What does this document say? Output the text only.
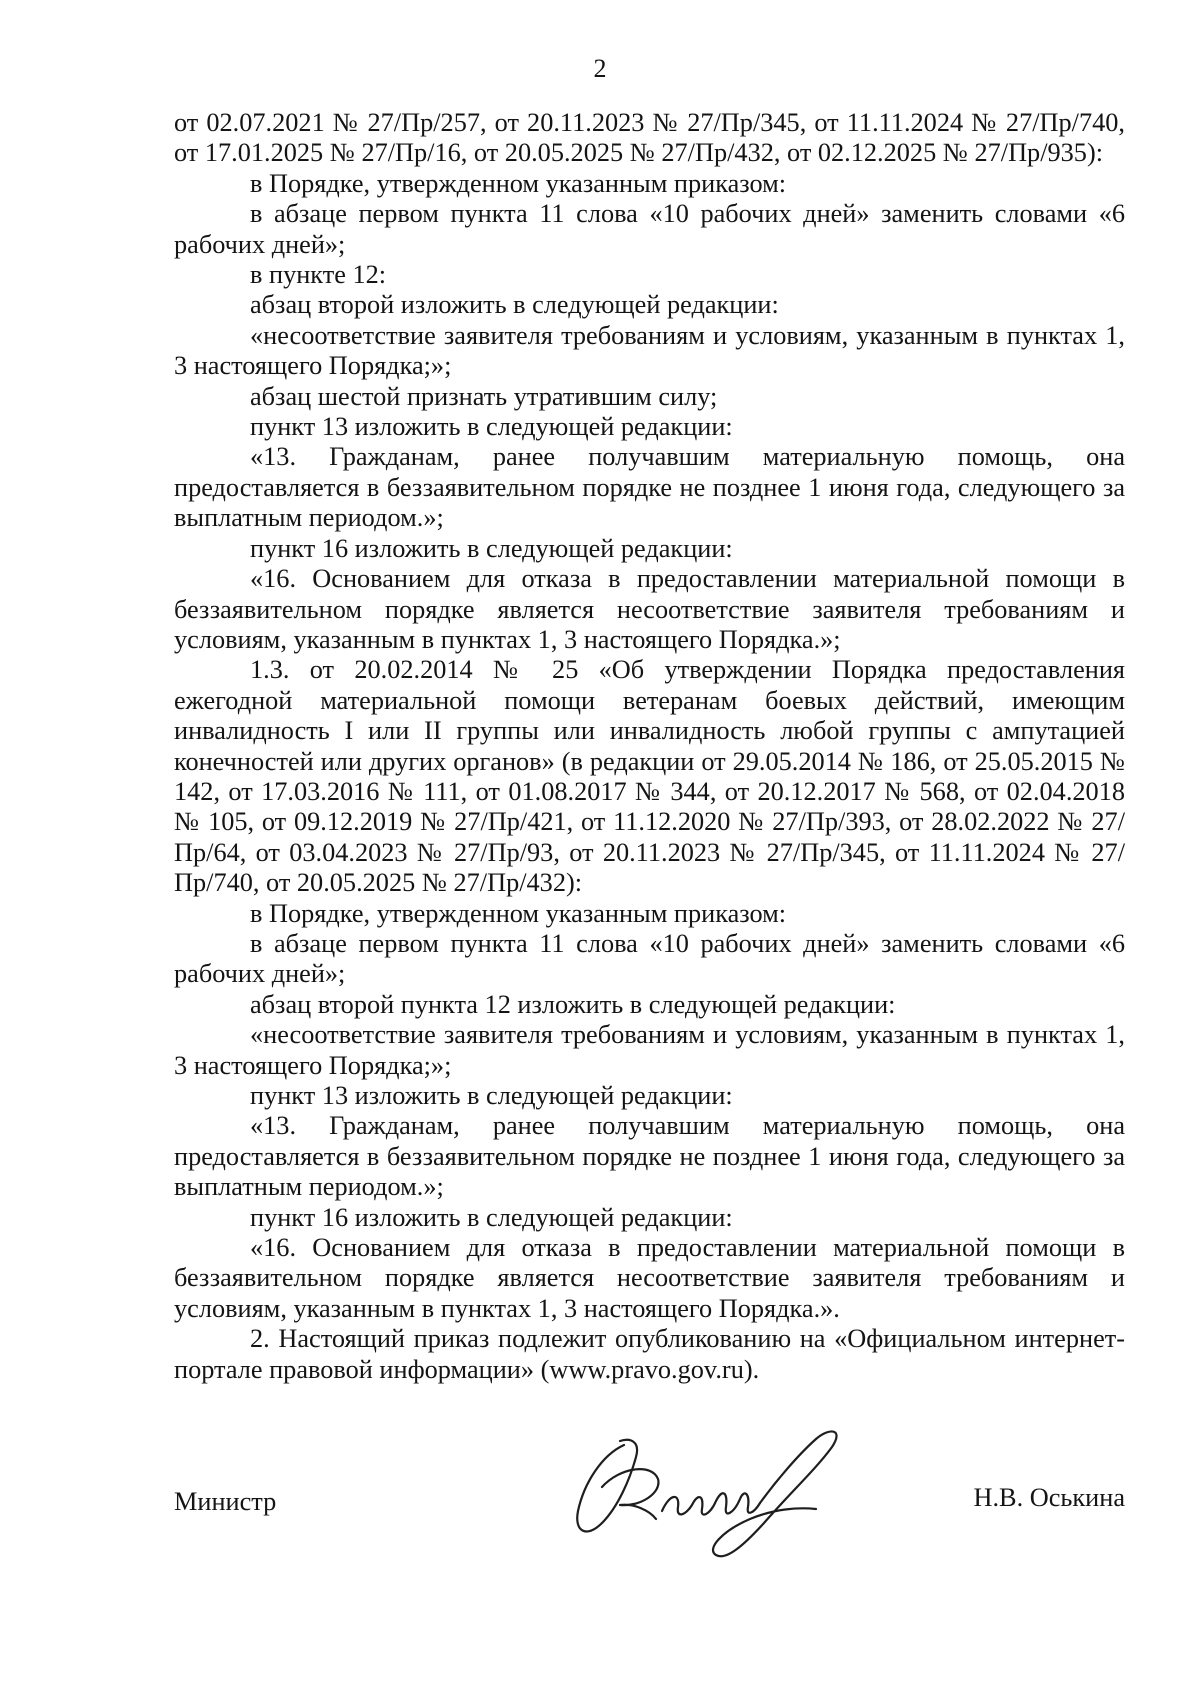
2

от 02.07.2021 № 27/Пр/257, от 20.11.2023 № 27/Пр/345, от 11.11.2024 № 27/Пр/740, от 17.01.2025 № 27/Пр/16, от 20.05.2025 № 27/Пр/432, от 02.12.2025 № 27/Пр/935):

в Порядке, утвержденном указанным приказом:

в абзаце первом пункта 11 слова «10 рабочих дней» заменить словами «6 рабочих дней»;

в пункте 12:

абзац второй изложить в следующей редакции:

«несоответствие заявителя требованиям и условиям, указанным в пунктах 1, 3 настоящего Порядка;»;

абзац шестой признать утратившим силу;

пункт 13 изложить в следующей редакции:

«13. Гражданам, ранее получавшим материальную помощь, она предоставляется в беззаявительном порядке не позднее 1 июня года, следующего за выплатным периодом.»;

пункт 16 изложить в следующей редакции:

«16. Основанием для отказа в предоставлении материальной помощи в беззаявительном порядке является несоответствие заявителя требованиям и условиям, указанным в пунктах 1, 3 настоящего Порядка.»;

1.3. от 20.02.2014 № 25 «Об утверждении Порядка предоставления ежегодной материальной помощи ветеранам боевых действий, имеющим инвалидность I или II группы или инвалидность любой группы с ампутацией конечностей или других органов» (в редакции от 29.05.2014 № 186, от 25.05.2015 № 142, от 17.03.2016 № 111, от 01.08.2017 № 344, от 20.12.2017 № 568, от 02.04.2018 № 105, от 09.12.2019 № 27/Пр/421, от 11.12.2020 № 27/Пр/393, от 28.02.2022 № 27/Пр/64, от 03.04.2023 № 27/Пр/93, от 20.11.2023 № 27/Пр/345, от 11.11.2024 № 27/Пр/740, от 20.05.2025 № 27/Пр/432):

в Порядке, утвержденном указанным приказом:

в абзаце первом пункта 11 слова «10 рабочих дней» заменить словами «6 рабочих дней»;

абзац второй пункта 12 изложить в следующей редакции:

«несоответствие заявителя требованиям и условиям, указанным в пунктах 1, 3 настоящего Порядка;»;

пункт 13 изложить в следующей редакции:

«13. Гражданам, ранее получавшим материальную помощь, она предоставляется в беззаявительном порядке не позднее 1 июня года, следующего за выплатным периодом.»;

пункт 16 изложить в следующей редакции:

«16. Основанием для отказа в предоставлении материальной помощи в беззаявительном порядке является несоответствие заявителя требованиям и условиям, указанным в пунктах 1, 3 настоящего Порядка.».

2. Настоящий приказ подлежит опубликованию на «Официальном интернет-портале правовой информации» (www.pravo.gov.ru).

Министр	Н.В. Оськина
